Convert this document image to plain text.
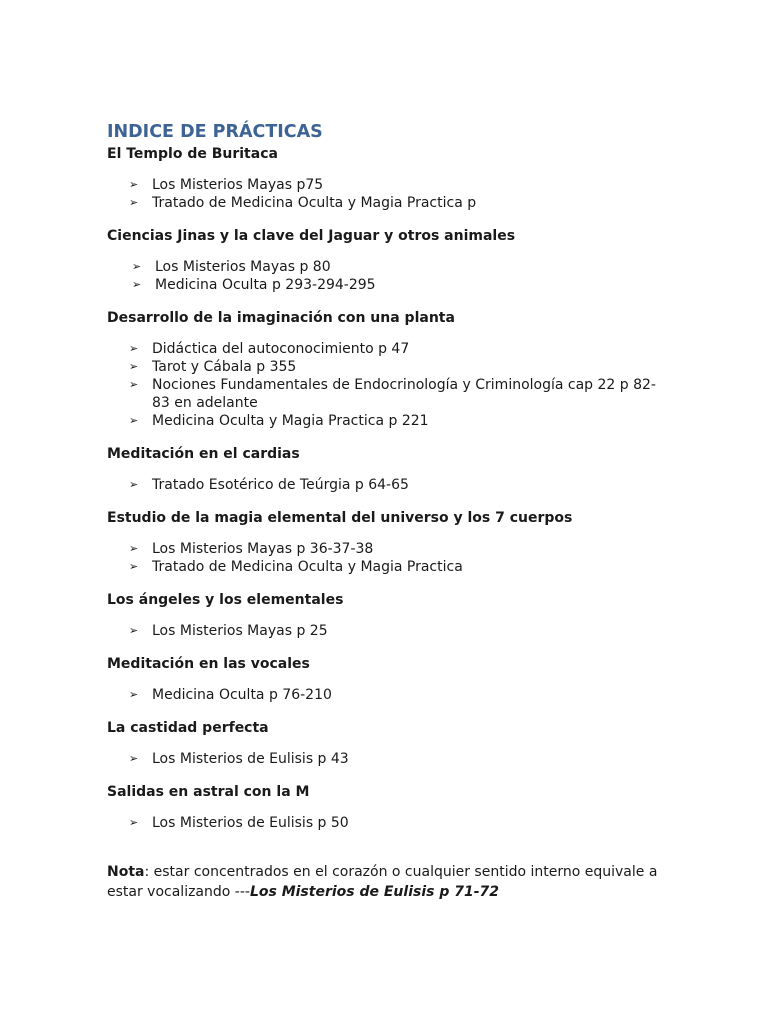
INDICE DE PRÁCTICAS

El Templo de Buritaca

➢ Los Misterios Mayas p75
➢ Tratado de Medicina Oculta y Magia Practica p

Ciencias Jinas y la clave del Jaguar y otros animales

➢ Los Misterios Mayas p 80
➢ Medicina Oculta p 293-294-295

Desarrollo de la imaginación con una planta

➢ Didáctica del autoconocimiento p 47
➢ Tarot y Cábala p 355
➢ Nociones Fundamentales de Endocrinología y Criminología cap 22 p 82-83 en adelante
➢ Medicina Oculta y Magia Practica p 221

Meditación en el cardias

➢ Tratado Esotérico de Teúrgia p 64-65

Estudio de la magia elemental del universo y los 7 cuerpos

➢ Los Misterios Mayas p 36-37-38
➢ Tratado de Medicina Oculta y Magia Practica

Los ángeles y los elementales

➢ Los Misterios Mayas p 25

Meditación en las vocales

➢ Medicina Oculta p 76-210

La castidad perfecta

➢ Los Misterios de Eulisis p 43

Salidas en astral con la M

➢ Los Misterios de Eulisis p 50

Nota: estar concentrados en el corazón o cualquier sentido interno equivale a estar vocalizando ---Los Misterios de Eulisis p 71-72
